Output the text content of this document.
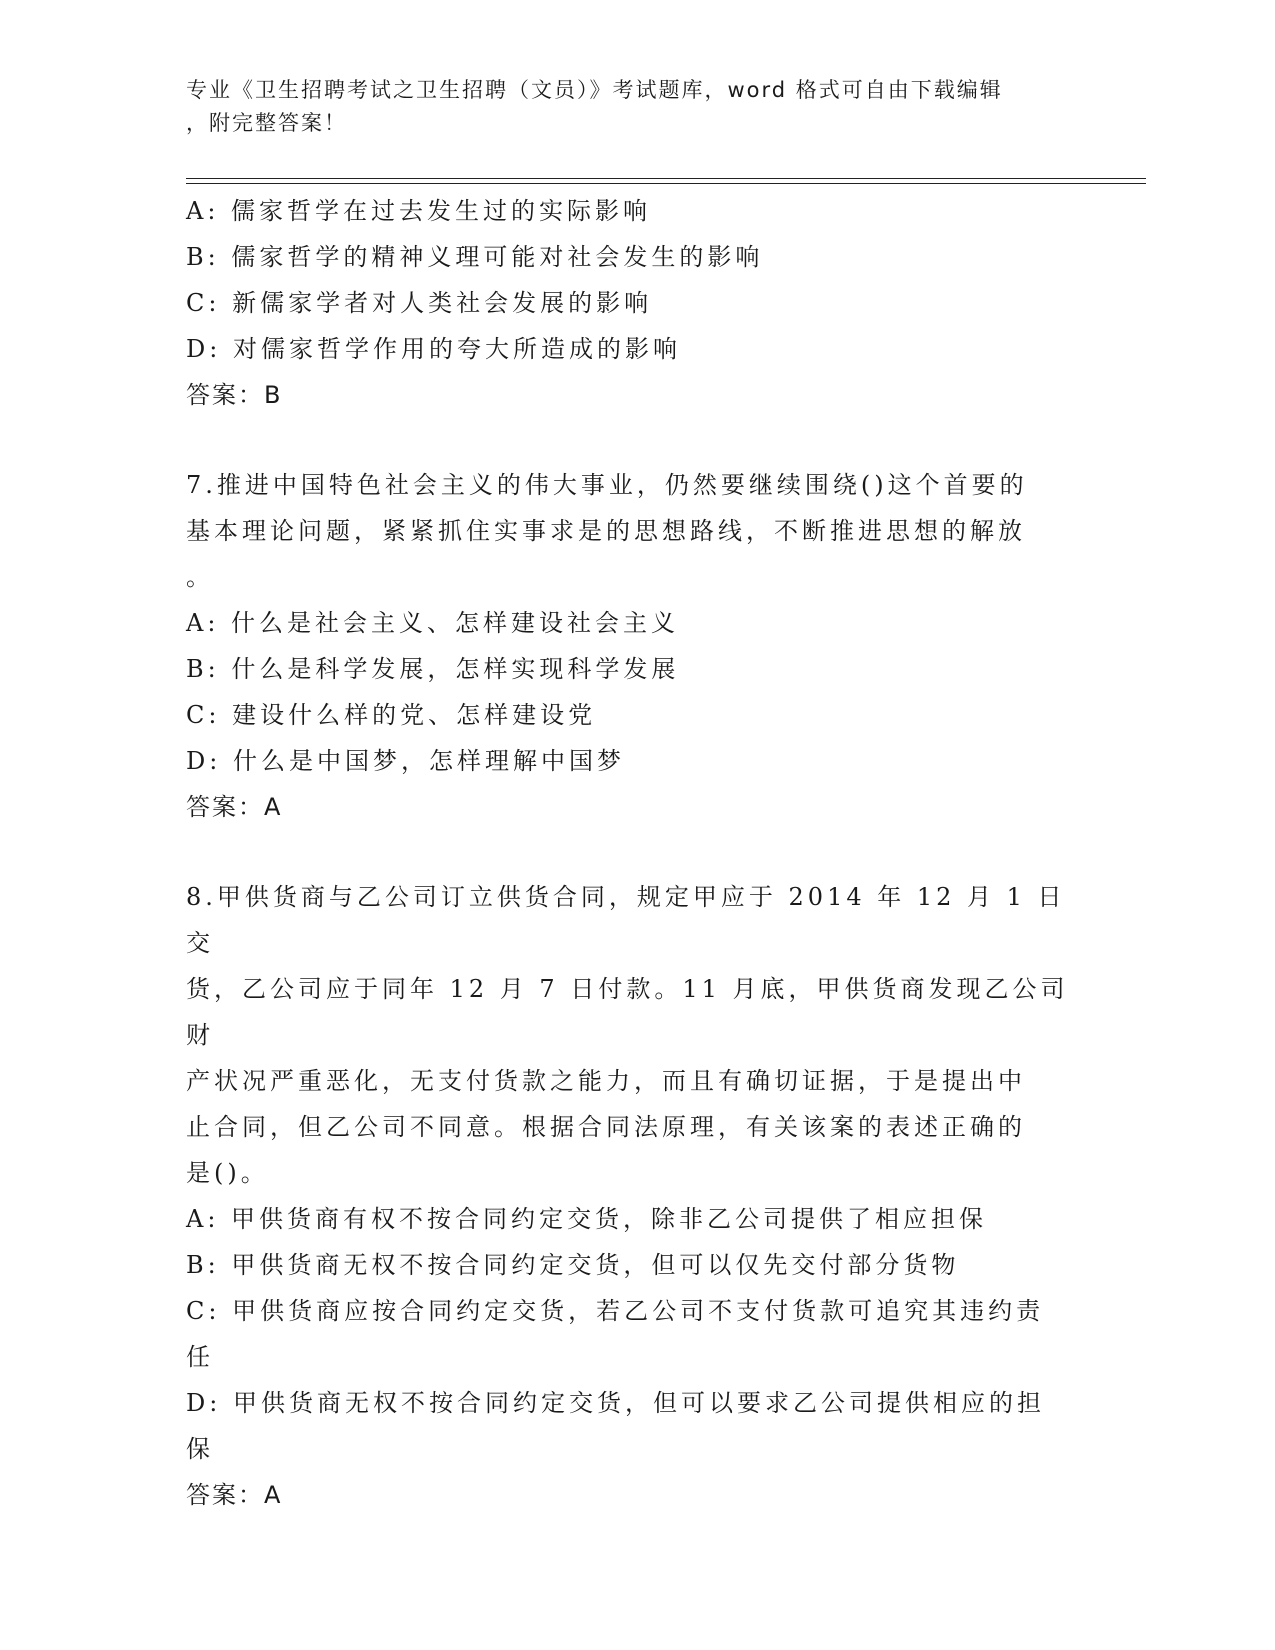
专业《卫生招聘考试之卫生招聘（文员）》考试题库，word 格式可自由下载编辑
，附完整答案！
A: 儒家哲学在过去发生过的实际影响
B: 儒家哲学的精神义理可能对社会发生的影响
C: 新儒家学者对人类社会发展的影响
D: 对儒家哲学作用的夸大所造成的影响
答案：B
7.推进中国特色社会主义的伟大事业，仍然要继续围绕()这个首要的
基本理论问题，紧紧抓住实事求是的思想路线，不断推进思想的解放
。
A: 什么是社会主义、怎样建设社会主义
B: 什么是科学发展，怎样实现科学发展
C: 建设什么样的党、怎样建设党
D: 什么是中国梦，怎样理解中国梦
答案：A
8.甲供货商与乙公司订立供货合同，规定甲应于 2014 年 12 月 1 日交
货，乙公司应于同年 12 月 7 日付款。11 月底，甲供货商发现乙公司财
产状况严重恶化，无支付货款之能力，而且有确切证据，于是提出中
止合同，但乙公司不同意。根据合同法原理，有关该案的表述正确的
是()。
A: 甲供货商有权不按合同约定交货，除非乙公司提供了相应担保
B: 甲供货商无权不按合同约定交货，但可以仅先交付部分货物
C: 甲供货商应按合同约定交货，若乙公司不支付货款可追究其违约责
任
D: 甲供货商无权不按合同约定交货，但可以要求乙公司提供相应的担
保
答案：A
